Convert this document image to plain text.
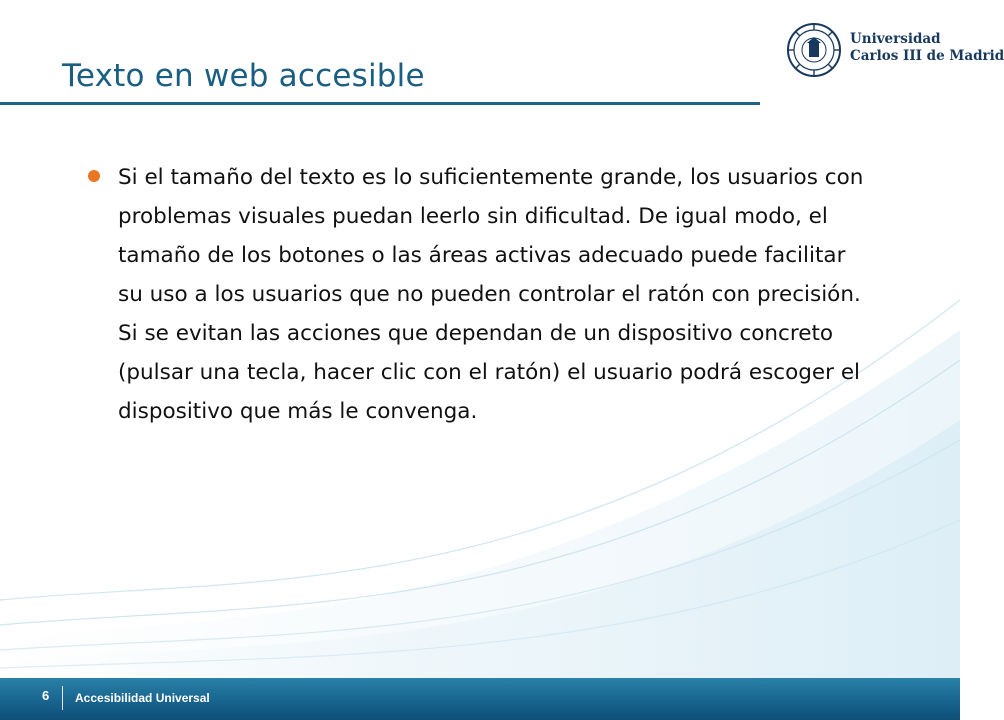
Texto en web accesible
Universidad
Carlos III de Madrid

Si el tamaño del texto es lo suficientemente grande, los usuarios con problemas visuales puedan leerlo sin dificultad. De igual modo, el tamaño de los botones o las áreas activas adecuado puede facilitar su uso a los usuarios que no pueden controlar el ratón con precisión. Si se evitan las acciones que dependan de un dispositivo concreto (pulsar una tecla, hacer clic con el ratón) el usuario podrá escoger el dispositivo que más le convenga.

6 Accesibilidad Universal
